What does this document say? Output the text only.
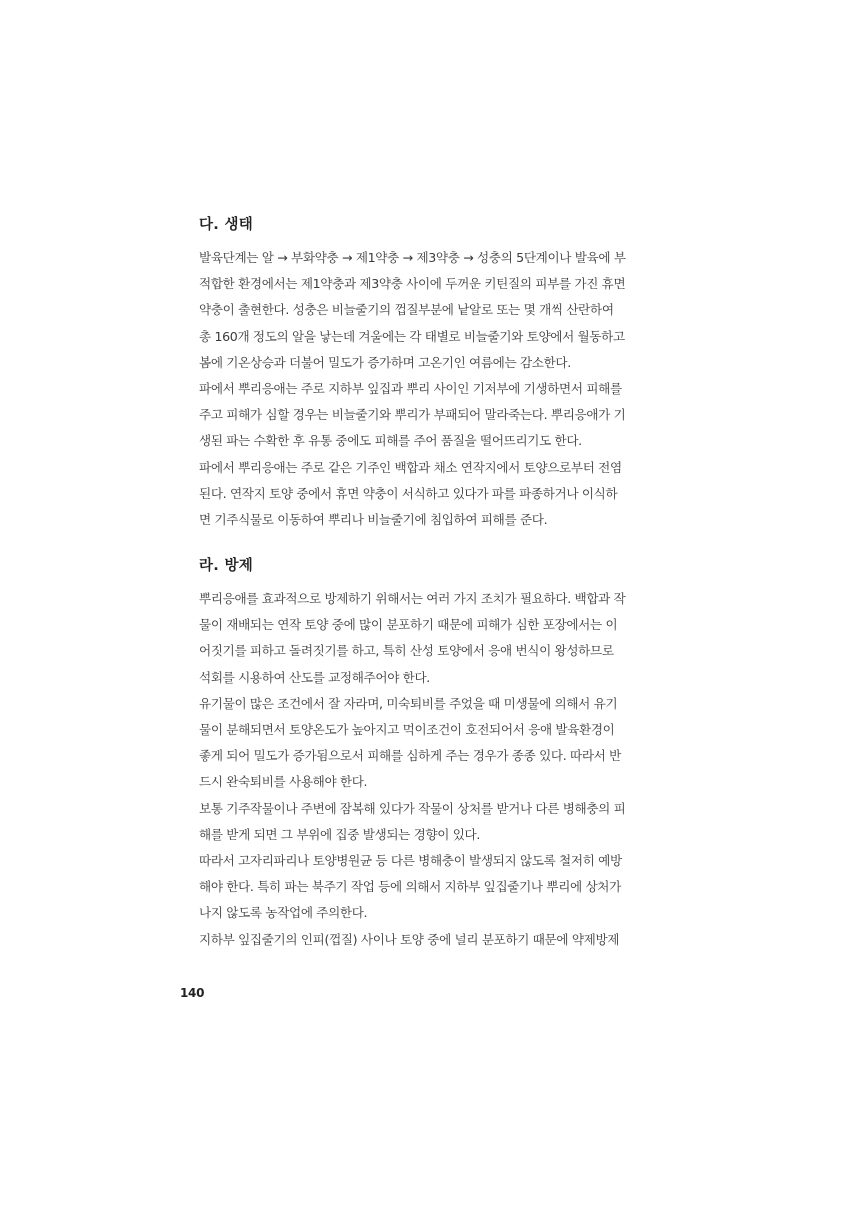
다. 생태

발육단계는 알 → 부화약충 → 제1약충 → 제3약충 → 성충의 5단계이나 발육에 부
적합한 환경에서는 제1약충과 제3약충 사이에 두꺼운 키틴질의 피부를 가진 휴면
약충이 출현한다. 성충은 비늘줄기의 껍질부분에 낱알로 또는 몇 개씩 산란하여
총 160개 정도의 알을 낳는데 겨울에는 각 태별로 비늘줄기와 토양에서 월동하고
봄에 기온상승과 더불어 밀도가 증가하며 고온기인 여름에는 감소한다.

파에서 뿌리응애는 주로 지하부 잎집과 뿌리 사이인 기저부에 기생하면서 피해를
주고 피해가 심할 경우는 비늘줄기와 뿌리가 부패되어 말라죽는다. 뿌리응애가 기
생된 파는 수확한 후 유통 중에도 피해를 주어 품질을 떨어뜨리기도 한다.

파에서 뿌리응애는 주로 같은 기주인 백합과 채소 연작지에서 토양으로부터 전염
된다. 연작지 토양 중에서 휴면 약충이 서식하고 있다가 파를 파종하거나 이식하
면 기주식물로 이동하여 뿌리나 비늘줄기에 침입하여 피해를 준다.

라. 방제

뿌리응애를 효과적으로 방제하기 위해서는 여러 가지 조치가 필요하다. 백합과 작
물이 재배되는 연작 토양 중에 많이 분포하기 때문에 피해가 심한 포장에서는 이
어짓기를 피하고 돌려짓기를 하고, 특히 산성 토양에서 응애 번식이 왕성하므로
석회를 시용하여 산도를 교정해주어야 한다.

유기물이 많은 조건에서 잘 자라며, 미숙퇴비를 주었을 때 미생물에 의해서 유기
물이 분해되면서 토양온도가 높아지고 먹이조건이 호전되어서 응애 발육환경이
좋게 되어 밀도가 증가됨으로서 피해를 심하게 주는 경우가 종종 있다. 따라서 반
드시 완숙퇴비를 사용해야 한다.

보통 기주작물이나 주변에 잠복해 있다가 작물이 상처를 받거나 다른 병해충의 피
해를 받게 되면 그 부위에 집중 발생되는 경향이 있다.

따라서 고자리파리나 토양병원균 등 다른 병해충이 발생되지 않도록 철저히 예방
해야 한다. 특히 파는 북주기 작업 등에 의해서 지하부 잎집줄기나 뿌리에 상처가
나지 않도록 농작업에 주의한다.

지하부 잎집줄기의 인피(껍질) 사이나 토양 중에 널리 분포하기 때문에 약제방제

140
